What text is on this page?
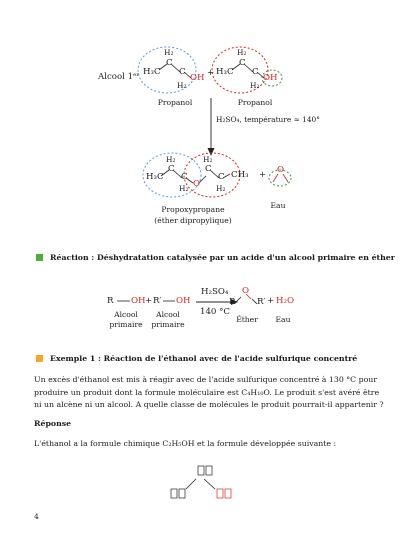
Alcool 1ᵉʳ H₃C
C
H₂
C
H₂
OH + H₃C
C
H₂
C
H₂
OH
Propanol	Propanol
H₂SO₄, température ≈ 140°
H₃C
C
H₂
C
H₂ O
C
H₂
C
H₂
CH₃ + O
Propoxypropane
(éther dipropylique)
Eau
Réaction : Déshydratation catalysée par un acide d'un alcool primaire en éther
R OH + R′ OH
H₂SO₄
140 °C
R
O
R′ + H₂O
Alcool primaire
Alcool primaire
Éther	Eau
Exemple 1 : Réaction de l'éthanol avec de l'acide sulfurique concentré
Un excès d'éthanol est mis à réagir avec de l'acide sulfurique concentré à 130 °C pour produire un produit dont la formule moléculaire est C₄H₁₀O. Le produit s'est avéré être ni un alcène ni un alcool. A quelle classe de molécules le produit pourrait-il appartenir ?
Réponse
L'éthanol a la formule chimique C₂H₅OH et la formule développée suivante :
4
